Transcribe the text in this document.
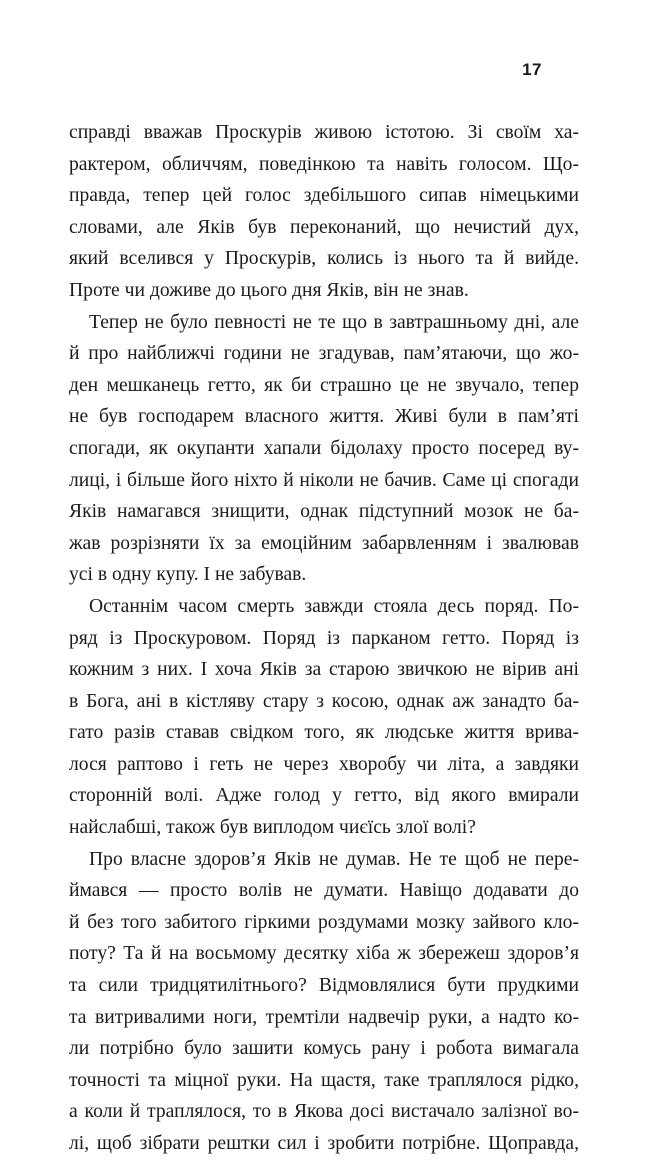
17
справді вважав Проскурів живою істотою. Зі своїм ха-
рактером, обличчям, поведінкою та навіть голосом. Що-
правда, тепер цей голос здебільшого сипав німецькими
словами, але Яків був переконаний, що нечистий дух,
який вселився у Проскурів, колись із нього та й вийде.
Проте чи доживе до цього дня Яків, він не знав.
Тепер не було певності не те що в завтрашньому дні, але
й про найближчі години не згадував, пам’ятаючи, що жо-
ден мешканець гетто, як би страшно це не звучало, тепер
не був господарем власного життя. Живі були в пам’яті
спогади, як окупанти хапали бідолаху просто посеред ву-
лиці, і більше його ніхто й ніколи не бачив. Саме ці спогади
Яків намагався знищити, однак підступний мозок не ба-
жав розрізняти їх за емоційним забарвленням і звалював
усі в одну купу. І не забував.
Останнім часом смерть завжди стояла десь поряд. По-
ряд із Проскуровом. Поряд із парканом гетто. Поряд із
кожним з них. І хоча Яків за старою звичкою не вірив ані
в Бога, ані в кістляву стару з косою, однак аж занадто ба-
гато разів ставав свідком того, як людське життя врива-
лося раптово і геть не через хворобу чи літа, а завдяки
сторонній волі. Адже голод у гетто, від якого вмирали
найслабші, також був виплодом чиєїсь злої волі?
Про власне здоров’я Яків не думав. Не те щоб не пере-
ймався — просто волів не думати. Навіщо додавати до
й без того забитого гіркими роздумами мозку зайвого кло-
поту? Та й на восьмому десятку хіба ж збережеш здоров’я
та сили тридцятилітнього? Відмовлялися бути прудкими
та витривалими ноги, тремтіли надвечір руки, а надто ко-
ли потрібно було зашити комусь рану і робота вимагала
точності та міцної руки. На щастя, таке траплялося рідко,
а коли й траплялося, то в Якова досі вистачало залізної во-
лі, щоб зібрати рештки сил і зробити потрібне. Щоправда,
